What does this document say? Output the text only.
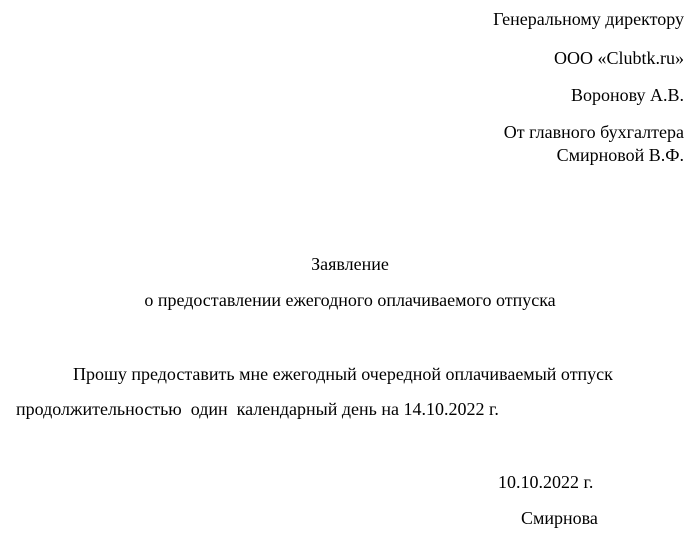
Генеральному директору
ООО «Clubtk.ru»
Воронову А.В.
От главного бухгалтера
Смирновой В.Ф.
Заявление
о предоставлении ежегодного оплачиваемого отпуска
Прошу предоставить мне ежегодный очередной оплачиваемый отпуск
продолжительностью  один  календарный день на 14.10.2022 г.
10.10.2022 г.
Смирнова
